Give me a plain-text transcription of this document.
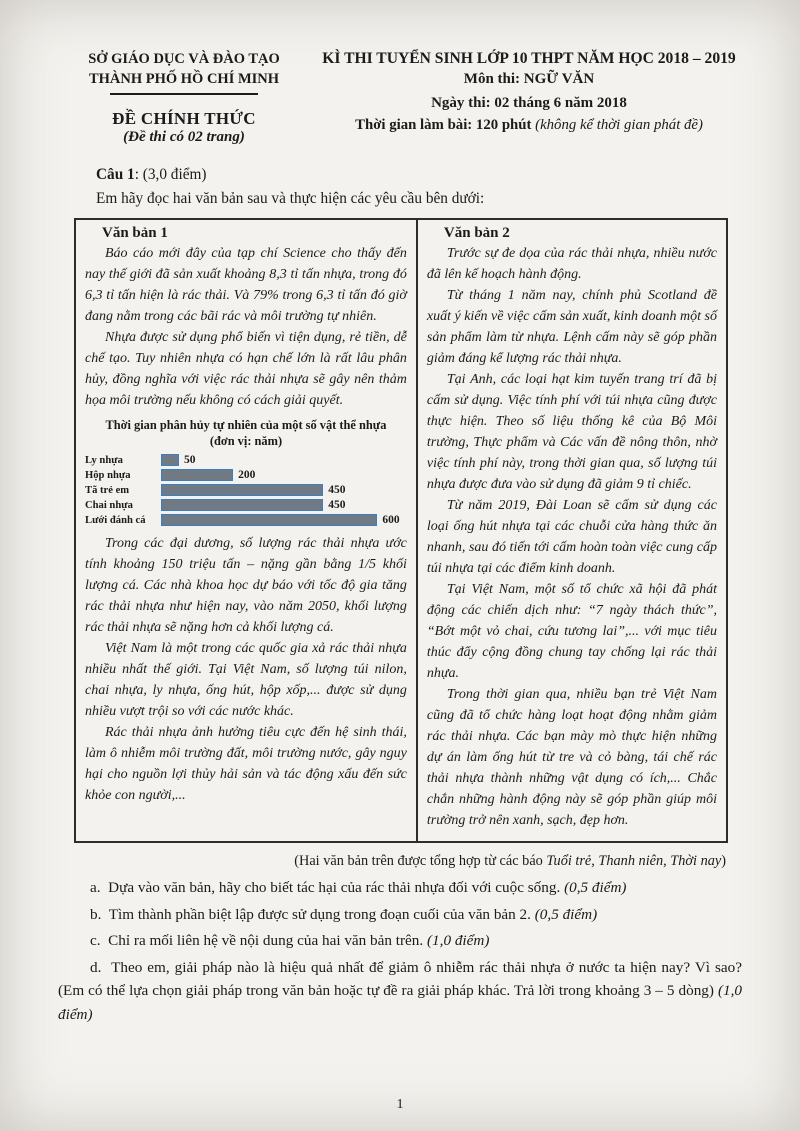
SỞ GIÁO DỤC VÀ ĐÀO TẠO
THÀNH PHỐ HỒ CHÍ MINH
ĐỀ CHÍNH THỨC
(Đề thi có 02 trang)
KÌ THI TUYỂN SINH LỚP 10 THPT NĂM HỌC 2018 – 2019
Môn thi: NGỮ VĂN
Ngày thi: 02 tháng 6 năm 2018
Thời gian làm bài: 120 phút (không kể thời gian phát đề)
Câu 1: (3,0 điểm)
Em hãy đọc hai văn bản sau và thực hiện các yêu cầu bên dưới:
Văn bản 1

Báo cáo mới đây của tạp chí Science cho thấy đến nay thế giới đã sản xuất khoảng 8,3 tỉ tấn nhựa, trong đó 6,3 tỉ tấn hiện là rác thải. Và 79% trong 6,3 tỉ tấn đó giờ đang nằm trong các bãi rác và môi trường tự nhiên.

Nhựa được sử dụng phổ biến vì tiện dụng, rẻ tiền, dễ chế tạo. Tuy nhiên nhựa có hạn chế lớn là rất lâu phân hủy, đồng nghĩa với việc rác thải nhựa sẽ gây nên thảm họa môi trường nếu không có cách giải quyết.

Thời gian phân hủy tự nhiên của một số vật thể nhựa
(đơn vị: năm)
Ly nhựa	50
Hộp nhựa	200
Tã trẻ em	450
Chai nhựa	450
Lưới đánh cá	600

Trong các đại dương, số lượng rác thải nhựa ước tính khoảng 150 triệu tấn – nặng gần bằng 1/5 khối lượng cá. Các nhà khoa học dự báo với tốc độ gia tăng rác thải nhựa như hiện nay, vào năm 2050, khối lượng rác thải nhựa sẽ nặng hơn cả khối lượng cá.

Việt Nam là một trong các quốc gia xả rác thải nhựa nhiều nhất thế giới. Tại Việt Nam, số lượng túi nilon, chai nhựa, ly nhựa, ống hút, hộp xốp,... được sử dụng nhiều vượt trội so với các nước khác.

Rác thải nhựa ảnh hưởng tiêu cực đến hệ sinh thái, làm ô nhiễm môi trường đất, môi trường nước, gây nguy hại cho nguồn lợi thủy hải sản và tác động xấu đến sức khỏe con người,...

Văn bản 2

Trước sự đe dọa của rác thải nhựa, nhiều nước đã lên kế hoạch hành động.

Từ tháng 1 năm nay, chính phủ Scotland đề xuất ý kiến về việc cấm sản xuất, kinh doanh một số sản phẩm làm từ nhựa. Lệnh cấm này sẽ góp phần giảm đáng kể lượng rác thải nhựa.

Tại Anh, các loại hạt kim tuyến trang trí đã bị cấm sử dụng. Việc tính phí với túi nhựa cũng được thực hiện. Theo số liệu thống kê của Bộ Môi trường, Thực phẩm và Các vấn đề nông thôn, nhờ việc tính phí này, trong thời gian qua, số lượng túi nhựa được đưa vào sử dụng đã giảm 9 tỉ chiếc.

Từ năm 2019, Đài Loan sẽ cấm sử dụng các loại ống hút nhựa tại các chuỗi cửa hàng thức ăn nhanh, sau đó tiến tới cấm hoàn toàn việc cung cấp túi nhựa tại các điểm kinh doanh.

Tại Việt Nam, một số tổ chức xã hội đã phát động các chiến dịch như: “7 ngày thách thức”, “Bớt một vỏ chai, cứu tương lai”,... với mục tiêu thúc đẩy cộng đồng chung tay chống lại rác thải nhựa.

Trong thời gian qua, nhiều bạn trẻ Việt Nam cũng đã tổ chức hàng loạt hoạt động nhằm giảm rác thải nhựa. Các bạn mày mò thực hiện những dự án làm ống hút từ tre và cỏ bàng, tái chế rác thải nhựa thành những vật dụng có ích,... Chắc chắn những hành động này sẽ góp phần giúp môi trường trở nên xanh, sạch, đẹp hơn.

(Hai văn bản trên được tổng hợp từ các báo Tuổi trẻ, Thanh niên, Thời nay)

a.  Dựa vào văn bản, hãy cho biết tác hại của rác thải nhựa đối với cuộc sống. (0,5 điểm)

b.  Tìm thành phần biệt lập được sử dụng trong đoạn cuối của văn bản 2. (0,5 điểm)

c.  Chỉ ra mối liên hệ về nội dung của hai văn bản trên. (1,0 điểm)

d.  Theo em, giải pháp nào là hiệu quả nhất để giảm ô nhiễm rác thải nhựa ở nước ta hiện nay? Vì sao? (Em có thể lựa chọn giải pháp trong văn bản hoặc tự đề ra giải pháp khác. Trả lời trong khoảng 3 – 5 dòng) (1,0 điểm)

1
